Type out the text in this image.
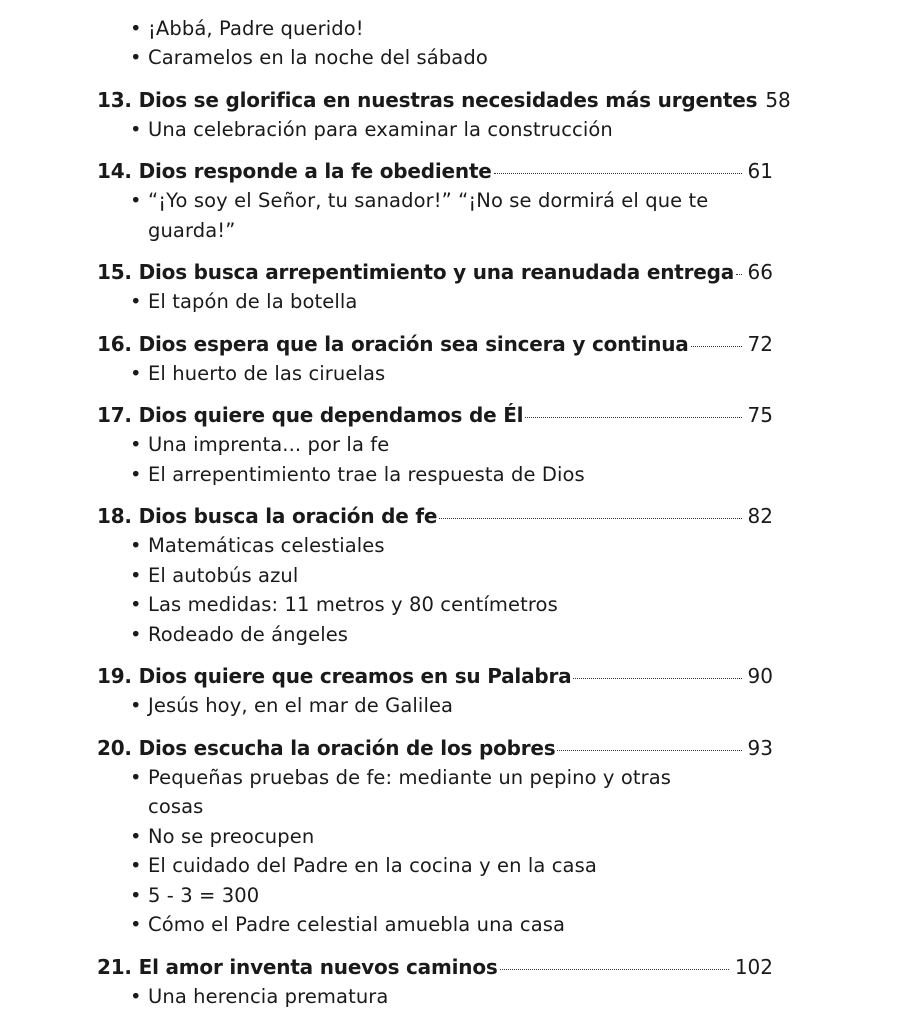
• ¡Abbá, Padre querido!
• Caramelos en la noche del sábado
13. Dios se glorifica en nuestras necesidades más urgentes 58
• Una celebración para examinar la construcción
14. Dios responde a la fe obediente	61
• “¡Yo soy el Señor, tu sanador!” “¡No se dormirá el que te guarda!”
15. Dios busca arrepentimiento y una reanudada entrega 66
• El tapón de la botella
16. Dios espera que la oración sea sincera y continua	72
• El huerto de las ciruelas
17. Dios quiere que dependamos de Él	75
• Una imprenta... por la fe
• El arrepentimiento trae la respuesta de Dios
18. Dios busca la oración de fe	82
• Matemáticas celestiales
• El autobús azul
• Las medidas: 11 metros y 80 centímetros
• Rodeado de ángeles
19. Dios quiere que creamos en su Palabra	90
• Jesús hoy, en el mar de Galilea
20. Dios escucha la oración de los pobres	93
• Pequeñas pruebas de fe: mediante un pepino y otras cosas
• No se preocupen
• El cuidado del Padre en la cocina y en la casa
• 5 - 3 = 300
• Cómo el Padre celestial amuebla una casa
21. El amor inventa nuevos caminos	102
• Una herencia prematura
